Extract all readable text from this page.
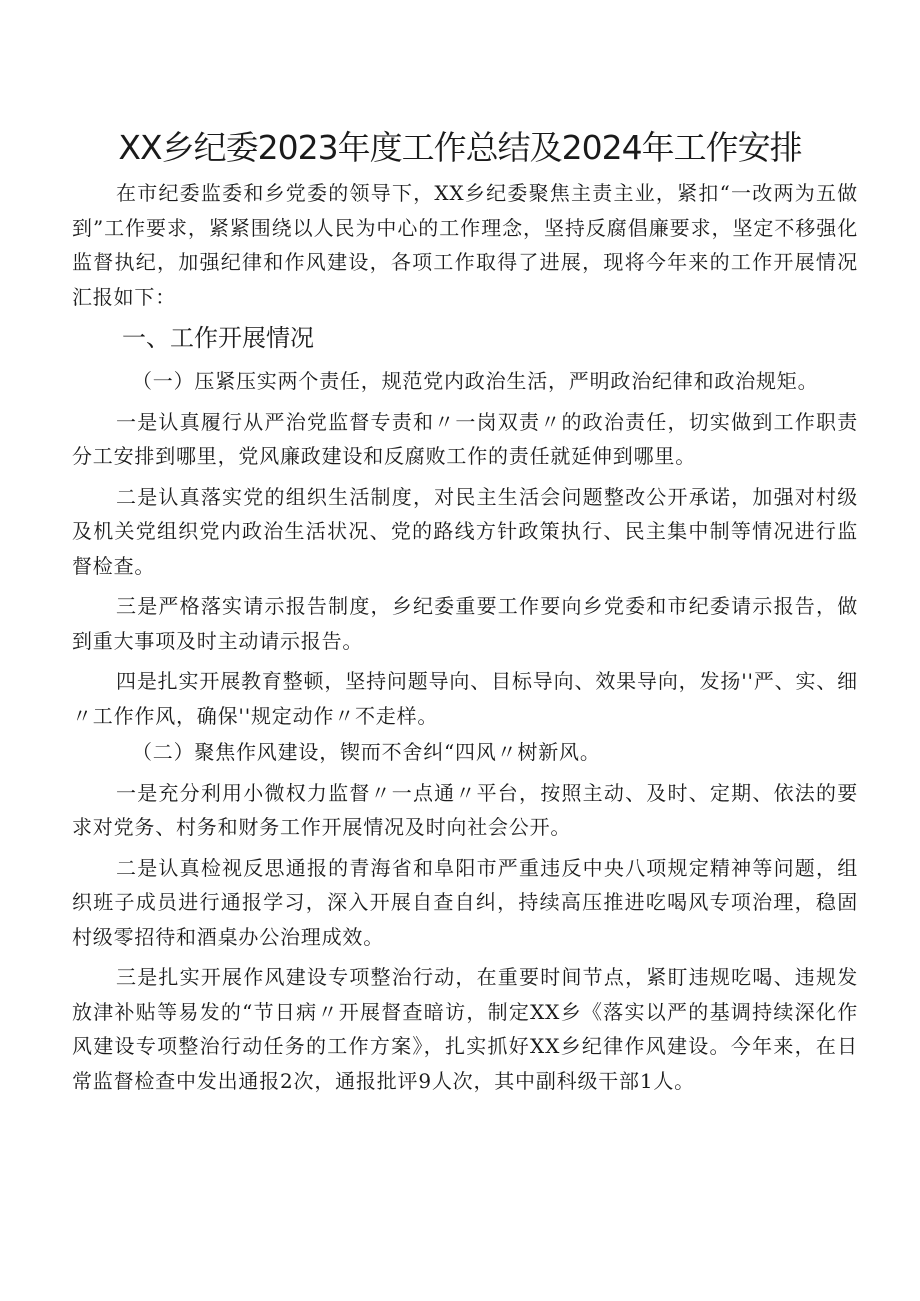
XX乡纪委2023年度工作总结及2024年工作安排

在市纪委监委和乡党委的领导下，XX乡纪委聚焦主责主业，紧扣“一改两为五做到”工作要求，紧紧围绕以人民为中心的工作理念，坚持反腐倡廉要求，坚定不移强化监督执纪，加强纪律和作风建设，各项工作取得了进展，现将今年来的工作开展情况汇报如下：

一、工作开展情况

（一）压紧压实两个责任，规范党内政治生活，严明政治纪律和政治规矩。

一是认真履行从严治党监督专责和〃一岗双责〃的政治责任，切实做到工作职责分工安排到哪里，党风廉政建设和反腐败工作的责任就延伸到哪里。

二是认真落实党的组织生活制度，对民主生活会问题整改公开承诺，加强对村级及机关党组织党内政治生活状况、党的路线方针政策执行、民主集中制等情况进行监督检查。

三是严格落实请示报告制度，乡纪委重要工作要向乡党委和市纪委请示报告，做到重大事项及时主动请示报告。

四是扎实开展教育整顿，坚持问题导向、目标导向、效果导向，发扬''严、实、细〃工作作风，确保''规定动作〃不走样。

（二）聚焦作风建设，锲而不舍纠“四风〃树新风。

一是充分利用小微权力监督〃一点通〃平台，按照主动、及时、定期、依法的要求对党务、村务和财务工作开展情况及时向社会公开。

二是认真检视反思通报的青海省和阜阳市严重违反中央八项规定精神等问题，组织班子成员进行通报学习，深入开展自查自纠，持续高压推进吃喝风专项治理，稳固村级零招待和酒桌办公治理成效。

三是扎实开展作风建设专项整治行动，在重要时间节点，紧盯违规吃喝、违规发放津补贴等易发的“节日病〃开展督查暗访，制定XX乡《落实以严的基调持续深化作风建设专项整治行动任务的工作方案》，扎实抓好XX乡纪律作风建设。今年来，在日常监督检查中发出通报2次，通报批评9人次，其中副科级干部1人。
